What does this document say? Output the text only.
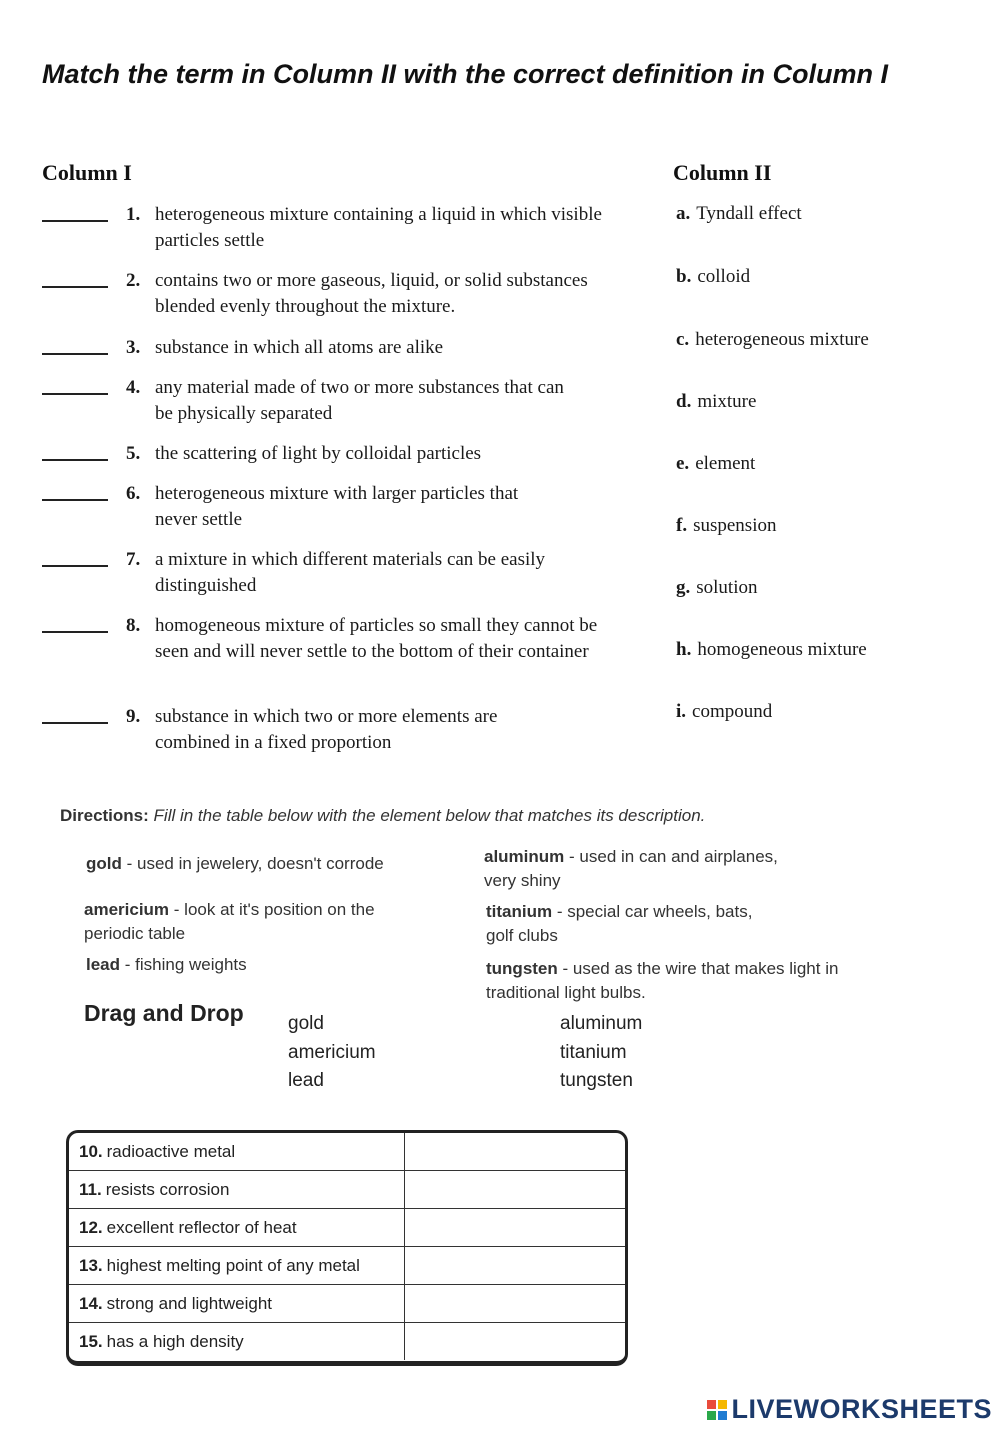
Match the term in Column II with the correct definition in Column I
Column I	Column II
1. heterogeneous mixture containing a liquid in which visible particles settle
2. contains two or more gaseous, liquid, or solid substances blended evenly throughout the mixture.
3. substance in which all atoms are alike
4. any material made of two or more substances that can be physically separated
5. the scattering of light by colloidal particles
6. heterogeneous mixture with larger particles that never settle
7. a mixture in which different materials can be easily distinguished
8. homogeneous mixture of particles so small they cannot be seen and will never settle to the bottom of their container
9. substance in which two or more elements are combined in a fixed proportion
a. Tyndall effect
b. colloid
c. heterogeneous mixture
d. mixture
e. element
f. suspension
g. solution
h. homogeneous mixture
i. compound
Directions: Fill in the table below with the element below that matches its description.
gold - used in jewelery, doesn't corrode
americium - look at it's position on the periodic table
lead - fishing weights
aluminum - used in can and airplanes, very shiny
titanium - special car wheels, bats, golf clubs
tungsten - used as the wire that makes light in traditional light bulbs.
Drag and Drop gold
americium
lead
aluminum
titanium
tungsten
10. radioactive metal
11. resists corrosion
12. excellent reflector of heat
13. highest melting point of any metal
14. strong and lightweight
15. has a high density
LIVEWORKSHEETS
